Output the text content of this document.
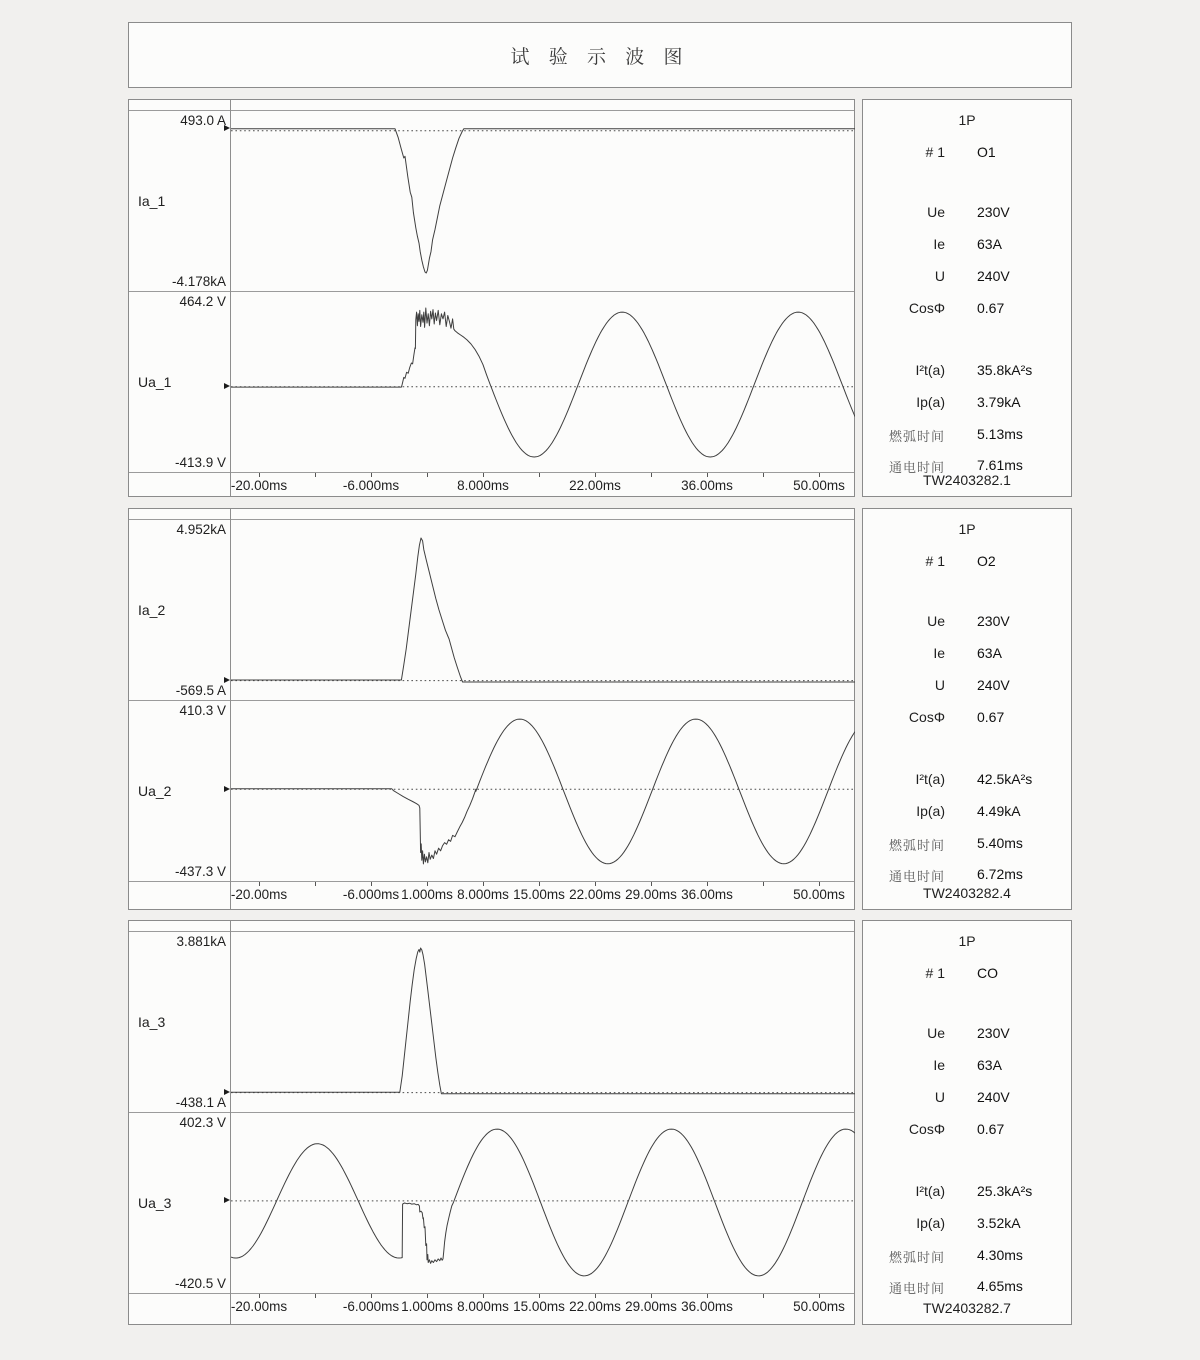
试 验 示 波 图
493.0 A
Ia_1
-4.178kA
464.2 V
Ua_1
-413.9 V
-20.00ms	-6.000ms	8.000ms	22.00ms	36.00ms	50.00ms
1P
# 1 O1
Ue 230V
Ie 63A
U 240V
CosΦ 0.67
I²t(a) 35.8kA²s
Ip(a) 3.79kA
燃弧时间 5.13ms
通电时间 7.61ms
TW2403282.1
4.952kA
Ia_2
-569.5 A
410.3 V
Ua_2
-437.3 V
-20.00ms	-6.000ms 1.000ms 8.000ms 15.00ms 22.00ms 29.00ms 36.00ms	50.00ms
1P
# 1 O2
Ue 230V
Ie 63A
U 240V
CosΦ 0.67
I²t(a) 42.5kA²s
Ip(a) 4.49kA
燃弧时间 5.40ms
通电时间 6.72ms
TW2403282.4
3.881kA
Ia_3
-438.1 A
402.3 V
Ua_3
-420.5 V
-20.00ms	-6.000ms 1.000ms 8.000ms 15.00ms 22.00ms 29.00ms 36.00ms	50.00ms
1P
# 1 CO
Ue 230V
Ie 63A
U 240V
CosΦ 0.67
I²t(a) 25.3kA²s
Ip(a) 3.52kA
燃弧时间 4.30ms
通电时间 4.65ms
TW2403282.7
